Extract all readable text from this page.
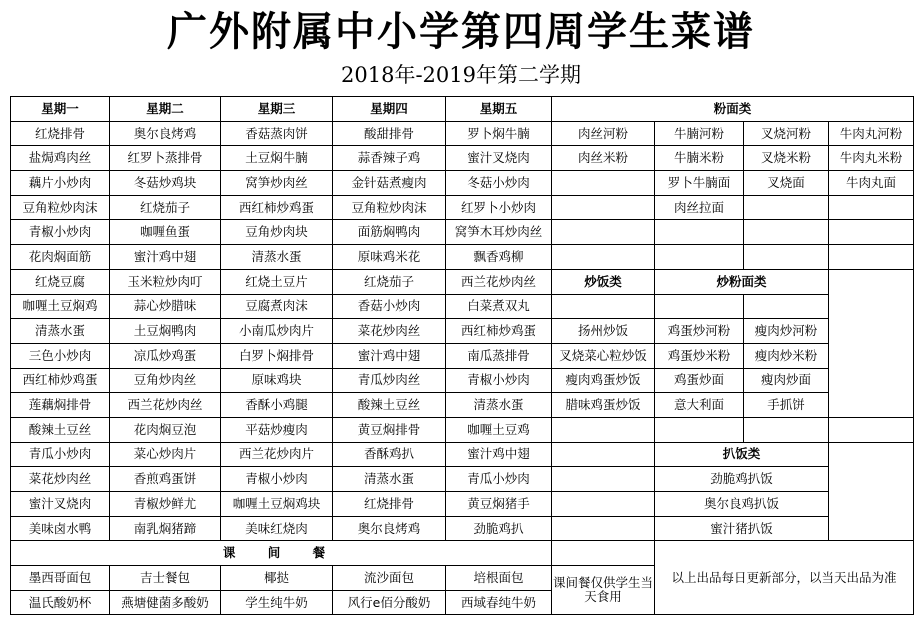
广外附属中小学第四周学生菜谱
2018年-2019年第二学期
星期一	星期二	星期三	星期四	星期五	粉面类			
红烧排骨	奥尔良烤鸡	香菇蒸肉饼	酸甜排骨	罗卜焖牛腩	肉丝河粉	牛腩河粉	叉烧河粉	牛肉丸河粉
盐焗鸡肉丝	红罗卜蒸排骨	土豆焖牛腩	蒜香辣子鸡	蜜汁叉烧肉	肉丝米粉	牛腩米粉	叉烧米粉	牛肉丸米粉
藕片小炒肉	冬菇炒鸡块	窝笋炒肉丝	金针菇煮瘦肉	冬菇小炒肉		罗卜牛腩面	叉烧面	牛肉丸面
豆角粒炒肉沫	红烧茄子	西红柿炒鸡蛋	豆角粒炒肉沫	红罗卜小炒肉		肉丝拉面		
青椒小炒肉	咖喱鱼蛋	豆角炒肉块	面筋焖鸭肉	窝笋木耳炒肉丝				
花肉焖面筋	蜜汁鸡中翅	清蒸水蛋	原味鸡米花	飘香鸡柳				
红烧豆腐	玉米粒炒肉叮	红烧土豆片	红烧茄子	西兰花炒肉丝	炒饭类	炒粉面类		
咖喱土豆焖鸡	蒜心炒腊味	豆腐煮肉沫	香菇小炒肉	白菜煮双丸				
清蒸水蛋	土豆焖鸭肉	小南瓜炒肉片	菜花炒肉丝	西红柿炒鸡蛋	扬州炒饭	鸡蛋炒河粉	瘦肉炒河粉	
三色小炒肉	凉瓜炒鸡蛋	白罗卜焖排骨	蜜汁鸡中翅	南瓜蒸排骨	叉烧菜心粒炒饭	鸡蛋炒米粉	瘦肉炒米粉	
西红柿炒鸡蛋	豆角炒肉丝	原味鸡块	青瓜炒肉丝	青椒小炒肉	瘦肉鸡蛋炒饭	鸡蛋炒面	瘦肉炒面	
莲藕焖排骨	西兰花炒肉丝	香酥小鸡腿	酸辣土豆丝	清蒸水蛋	腊味鸡蛋炒饭	意大利面	手抓饼	
酸辣土豆丝	花肉焖豆泡	平菇炒瘦肉	黄豆焖排骨	咖喱土豆鸡				
青瓜小炒肉	菜心炒肉片	西兰花炒肉片	香酥鸡扒	蜜汁鸡中翅		扒饭类		
菜花炒肉丝	香煎鸡蛋饼	青椒小炒肉	清蒸水蛋	青瓜小炒肉		劲脆鸡扒饭		
蜜汁叉烧肉	青椒炒鲜尤	咖喱土豆焖鸡块	红烧排骨	黄豆焖猪手		奥尔良鸡扒饭		
美味卤水鸭	南乳焖猪蹄	美味红烧肉	奥尔良烤鸡	劲脆鸡扒		蜜汁猪扒饭		
课 间 餐						以上出品每日更新部分，以当天出品为准		
墨西哥面包	吉士餐包	椰挞	流沙面包	培根面包	课间餐仅供学生当天食用			
温氏酸奶杯	燕塘健菌多酸奶	学生纯牛奶	风行e佰分酸奶	西域春纯牛奶				
